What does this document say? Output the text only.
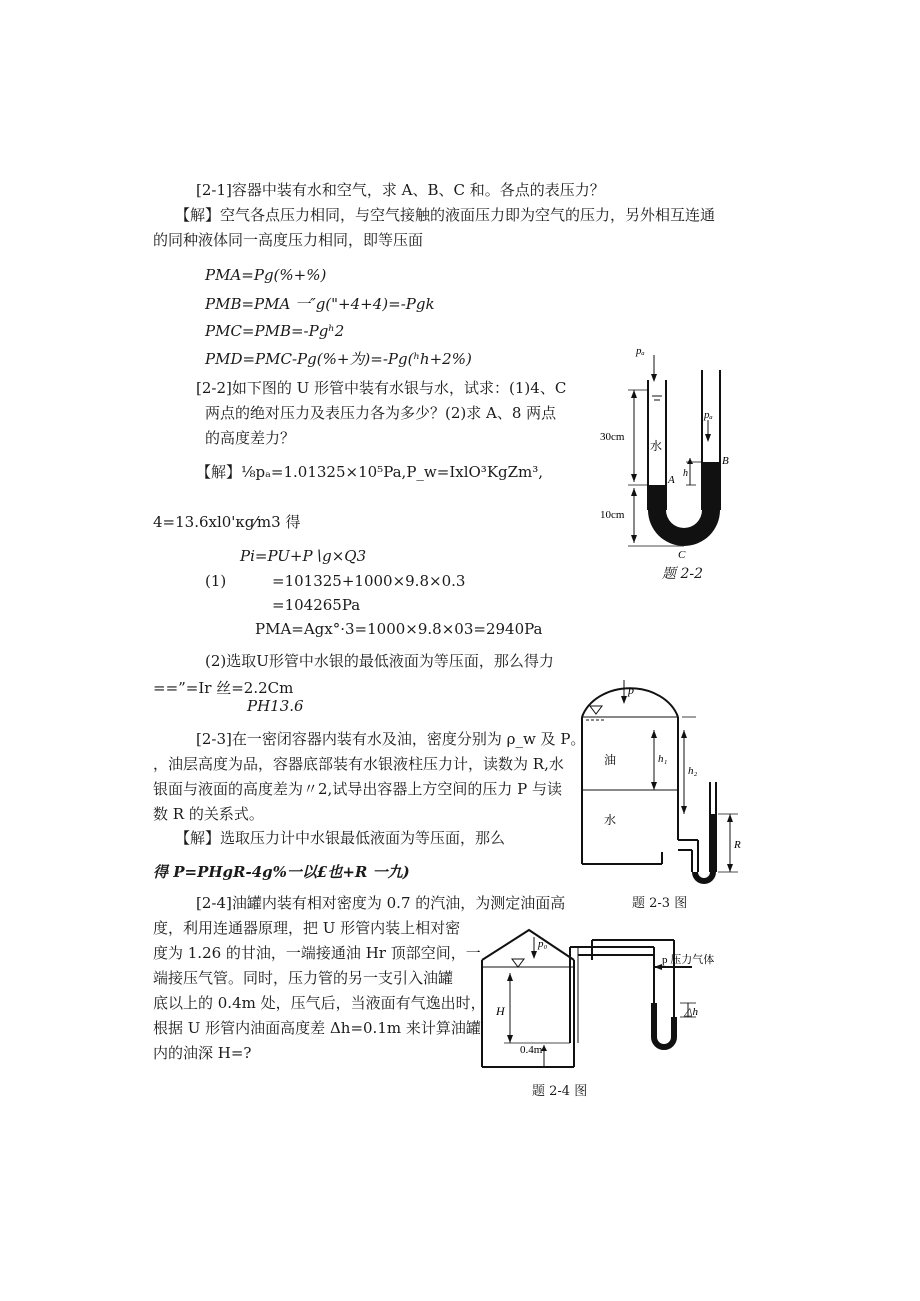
[2-1]容器中装有水和空气，求 A、B、C 和。各点的表压力？
【解】空气各点压力相同，与空气接触的液面压力即为空气的压力，另外相互连通
的同种液体同一高度压力相同，即等压面
PMA=Pg(%+%)
PMB=PMA 一″g("+4+4)=-Pgk
PMC=PMB=-Pgʰ2
PMD=PMC-Pg(%+为)=-Pg(ʰh+2%)
[2-2]如下图的 U 形管中装有水银与水，试求：(1)4、C
两点的绝对压力及表压力各为多少？(2)求 A、8 两点
的高度差力？
【解】⅛pₐ=1.01325×10⁵Pa,P_w=IxlO³KgZm³,
4=13.6xl0'κg⁄m3 得
Pi=PU+P∖g×Q3
(1)	=101325+1000×9.8×0.3
=104265Pa
PMA=Agx°·3=1000×9.8×03=2940Pa
(2)选取U形管中水银的最低液面为等压面，那么得力
==”=Ir 丝=2.2Cm
PH13.6
pₐ
pₐ
水
30cm
10cm
A
B
C
h
题 2-2
[2-3]在一密闭容器内装有水及油，密度分别为 ρ_w 及 P。
，油层高度为品，容器底部装有水银液柱压力计，读数为 R,水
银面与液面的高度差为〃2,试导出容器上方空间的压力 P 与读
数 R 的关系式。
【解】选取压力计中水银最低液面为等压面，那么
得 P=PHgR-4g%一以£也+R 一九)
p
油
水
h₁
h₂
R
题 2-3 图
[2-4]油罐内装有相对密度为 0.7 的汽油，为测定油面高
度，利用连通器原理，把 U 形管内装上相对密
度为 1.26 的甘油，一端接通油 Hr 顶部空间，一
端接压气管。同时，压力管的另一支引入油罐
底以上的 0.4m 处，压气后，当液面有气逸出时，
根据 U 形管内油面高度差 Δh=0.1m 来计算油罐
内的油深 H=?
p₀
p 压力气体
H
0.4m
△h
题 2-4 图
